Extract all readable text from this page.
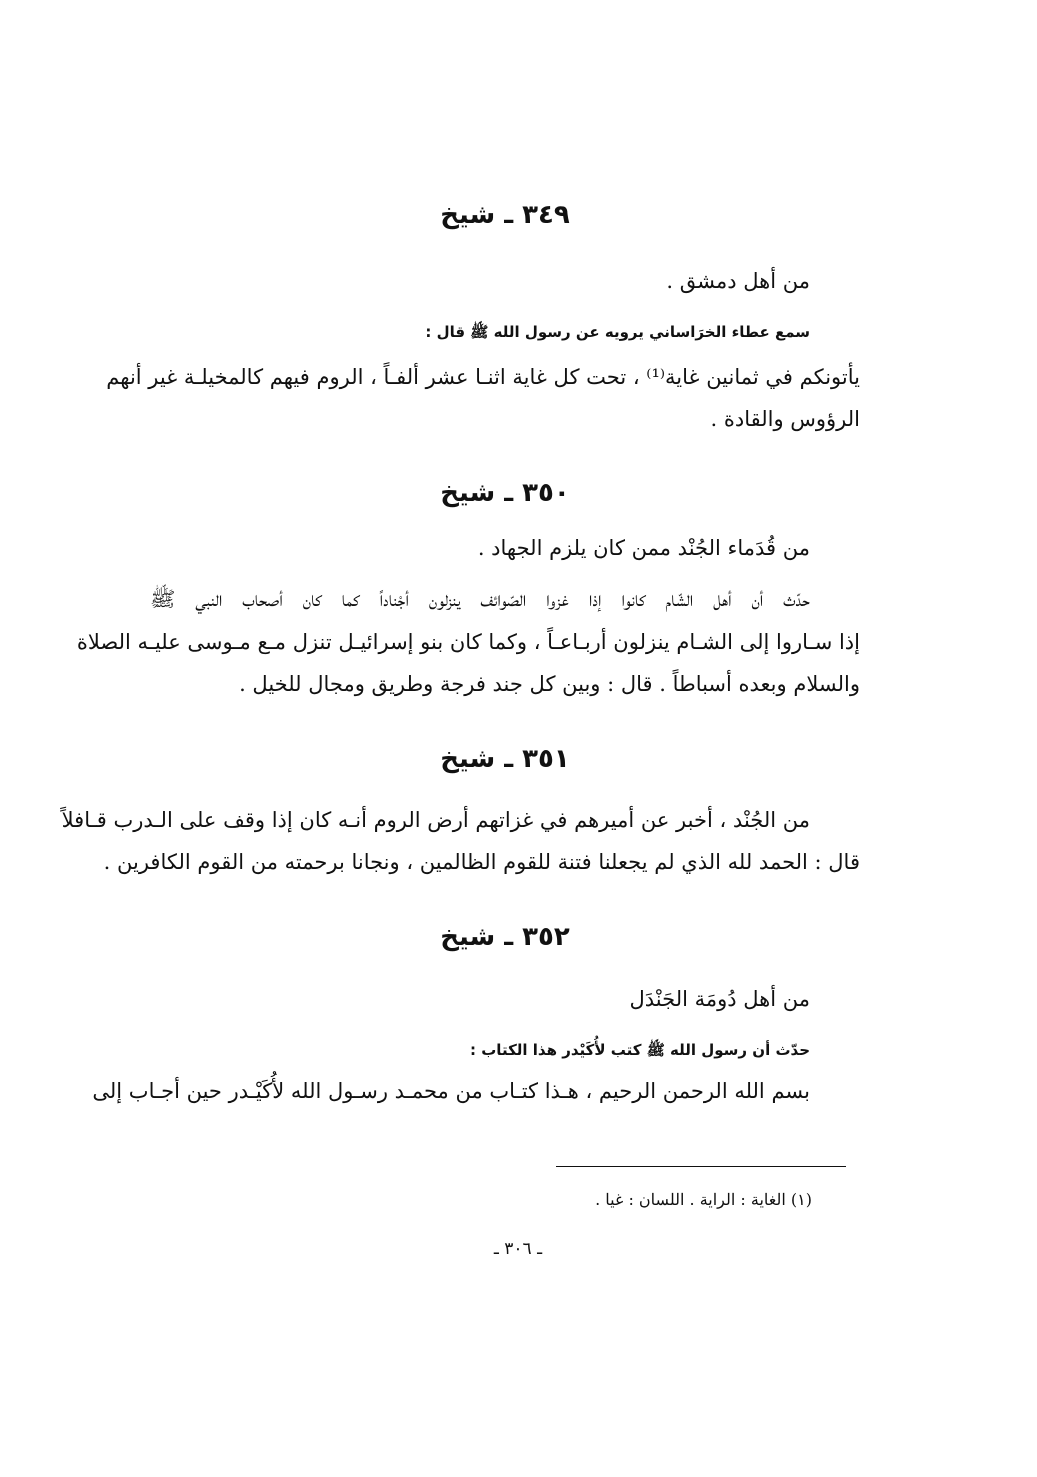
٣٤٩ ـ شيخ
من أهل دمشق .
سمع عطاء الخرَاساني يرويه عن رسول الله ﷺ قال :
يأتونكم في ثمانين غاية⁽¹⁾ ، تحت كل غاية اثنـا عشر ألفـاً ، الروم فيهم كالمخيلـة غير أنهم
الرؤوس والقادة .
٣٥٠ ـ شيخ
من قُدَماء الجُنْد ممن كان يلزم الجهاد .
حدّث أن أهل الشّام كانوا إذا غزوا الصّوائف ينزلون أجْناداً كما كان أصحاب النبي ﷺ
إذا سـاروا إلى الشـام ينزلون أربـاعـاً ، وكما كان بنو إسرائيـل تنزل مـع مـوسى عليـه الصلاة
والسلام وبعده أسباطاً . قال : وبين كل جند فرجة وطريق ومجال للخيل .
٣٥١ ـ شيخ
من الجُنْد ، أخبر عن أميرهم في غزاتهم أرض الروم أنـه كان إذا وقف على الـدرب قـافلاً
قال : الحمد لله الذي لم يجعلنا فتنة للقوم الظالمين ، ونجانا برحمته من القوم الكافرين .
٣٥٢ ـ شيخ
من أهل دُومَة الجَنْدَل
حدّث أن رسول الله ﷺ كتب لأُكَيْدر هذا الكتاب :
بسم الله الرحمن الرحيم ، هـذا كتـاب من محمـد رسـول الله لأُكَيْـدر حين أجـاب إلى
(١) الغاية : الراية . اللسان : غيا .
ـ ٣٠٦ ـ
